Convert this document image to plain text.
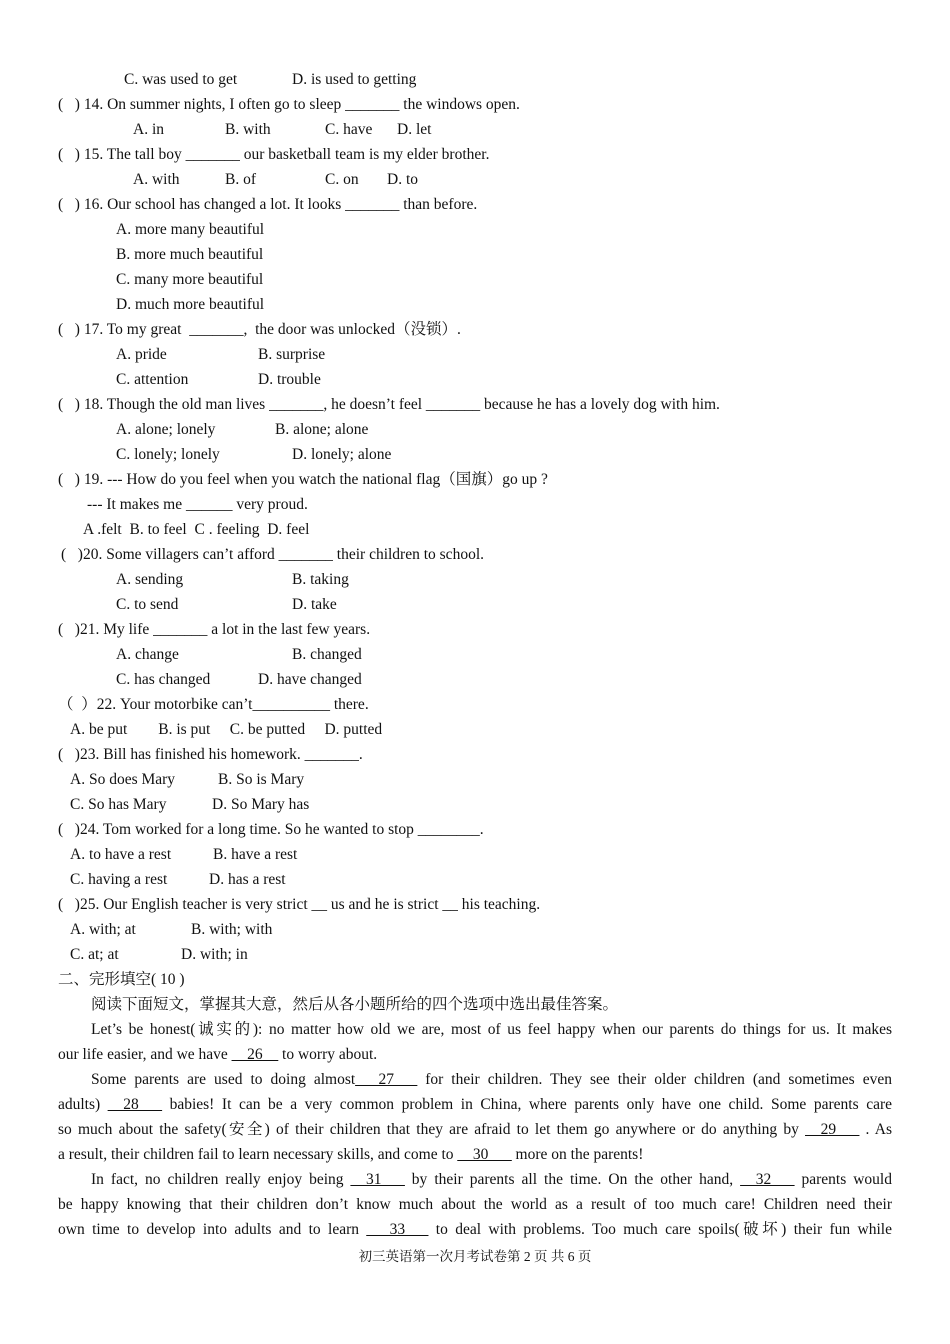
C. was used to get	D. is used to getting
(   ) 14. On summer nights, I often go to sleep _______ the windows open.
A. in	B. with	C. have D. let
(   ) 15. The tall boy _______ our basketball team is my elder brother.
A. with	B. of	C. on D. to
(   ) 16. Our school has changed a lot. It looks _______ than before.
A. more many beautiful
B. more much beautiful
C. many more beautiful
D. much more beautiful
(   ) 17. To my great  _______,  the door was unlocked（没锁）.
A. pride	B. surprise
C. attention	D. trouble
(   ) 18. Though the old man lives _______, he doesn’t feel _______ because he has a lovely dog with him.
A. alone; lonely	B. alone; alone
C. lonely; lonely	D. lonely; alone
(   ) 19. --- How do you feel when you watch the national flag（国旗）go up ?
--- It makes me ______ very proud.
A .felt  B. to feel  C . feeling  D. feel
(   )20. Some villagers can’t afford _______ their children to school.
A. sending	B. taking
C. to send	D. take
(   )21. My life _______ a lot in the last few years.
A. change	B. changed
C. has changed	D. have changed
（  ）22. Your motorbike can’t__________ there.
A. be put        B. is put     C. be putted     D. putted
(   )23. Bill has finished his homework. _______.
A. So does Mary	B. So is Mary
C. So has Mary	D. So Mary has
(   )24. Tom worked for a long time. So he wanted to stop ________.
A. to have a rest	B. have a rest
C. having a rest	D. has a rest
(   )25. Our English teacher is very strict __ us and he is strict __ his teaching.
A. with; at	B. with; with
C. at; at	D. with; in
二、完形填空( 10 )
阅读下面短文，掌握其大意，然后从各小题所给的四个选项中选出最佳答案。
Let’s be honest(诚实的): no matter how old we are, most of us feel happy when our parents do things for us. It makes
our life easier, and we have __26__ to worry about.
Some parents are used to doing almost___27___ for their children. They see their older children (and sometimes even
adults) __28___ babies! It can be a very common problem in China, where parents only have one child. Some parents care
so much about the safety(安全) of their children that they are afraid to let them go anywhere or do anything by __29___ . As
a result, their children fail to learn necessary skills, and come to __30___ more on the parents!
In fact, no children really enjoy being __31___ by their parents all the time. On the other hand, __32___ parents would
be happy knowing that their children don’t know much about the world as a result of too much care! Children need their
own time to develop into adults and to learn ___33___ to deal with problems. Too much care spoils(破坏) their fun while
初三英语第一次月考试卷第 2 页 共 6 页
